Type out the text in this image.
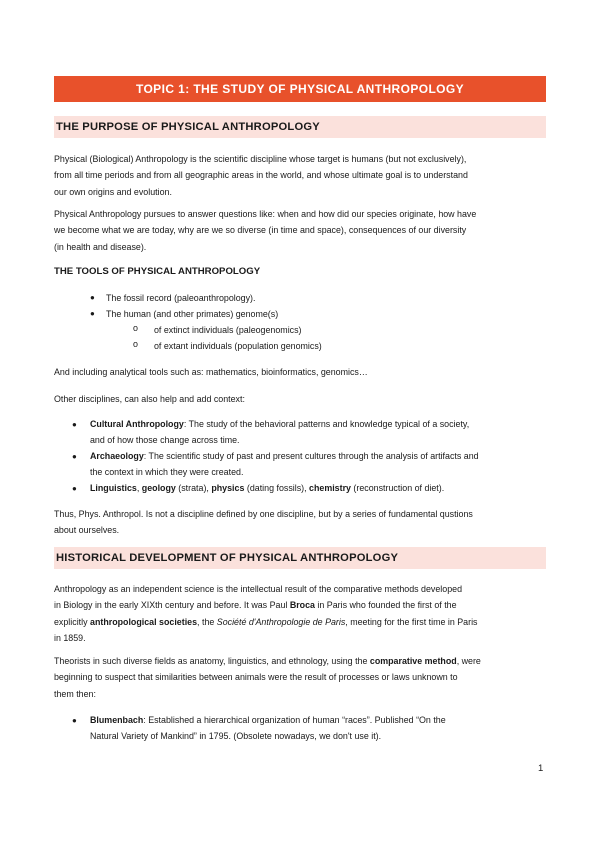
TOPIC 1: THE STUDY OF PHYSICAL ANTHROPOLOGY
THE PURPOSE OF PHYSICAL ANTHROPOLOGY
Physical (Biological) Anthropology is the scientific discipline whose target is humans (but not exclusively),
from all time periods and from all geographic areas in the world, and whose ultimate goal is to understand
our own origins and evolution.
Physical Anthropology pursues to answer questions like: when and how did our species originate, how have
we become what we are today, why are we so diverse (in time and space), consequences of our diversity
(in health and disease).
THE TOOLS OF PHYSICAL ANTHROPOLOGY
● The fossil record (paleoanthropology).
● The human (and other primates) genome(s)
o of extinct individuals (paleogenomics)
o of extant individuals (population genomics)
And including analytical tools such as: mathematics, bioinformatics, genomics…
Other disciplines, can also help and add context:
● Cultural Anthropology: The study of the behavioral patterns and knowledge typical of a society,
and of how those change across time.
● Archaeology: The scientific study of past and present cultures through the analysis of artifacts and
the context in which they were created.
● Linguistics, geology (strata), physics (dating fossils), chemistry (reconstruction of diet).
Thus, Phys. Anthropol. Is not a discipline defined by one discipline, but by a series of fundamental qustions
about ourselves.
HISTORICAL DEVELOPMENT OF PHYSICAL ANTHROPOLOGY
Anthropology as an independent science is the intellectual result of the comparative methods developed
in Biology in the early XIXth century and before. It was Paul Broca in Paris who founded the first of the
explicitly anthropological societies, the Société d'Anthropologie de Paris, meeting for the first time in Paris
in 1859.
Theorists in such diverse fields as anatomy, linguistics, and ethnology, using the comparative method, were
beginning to suspect that similarities between animals were the result of processes or laws unknown to
them then:
● Blumenbach: Established a hierarchical organization of human “races”. Published “On the
Natural Variety of Mankind” in 1795. (Obsolete nowadays, we don't use it).
1
